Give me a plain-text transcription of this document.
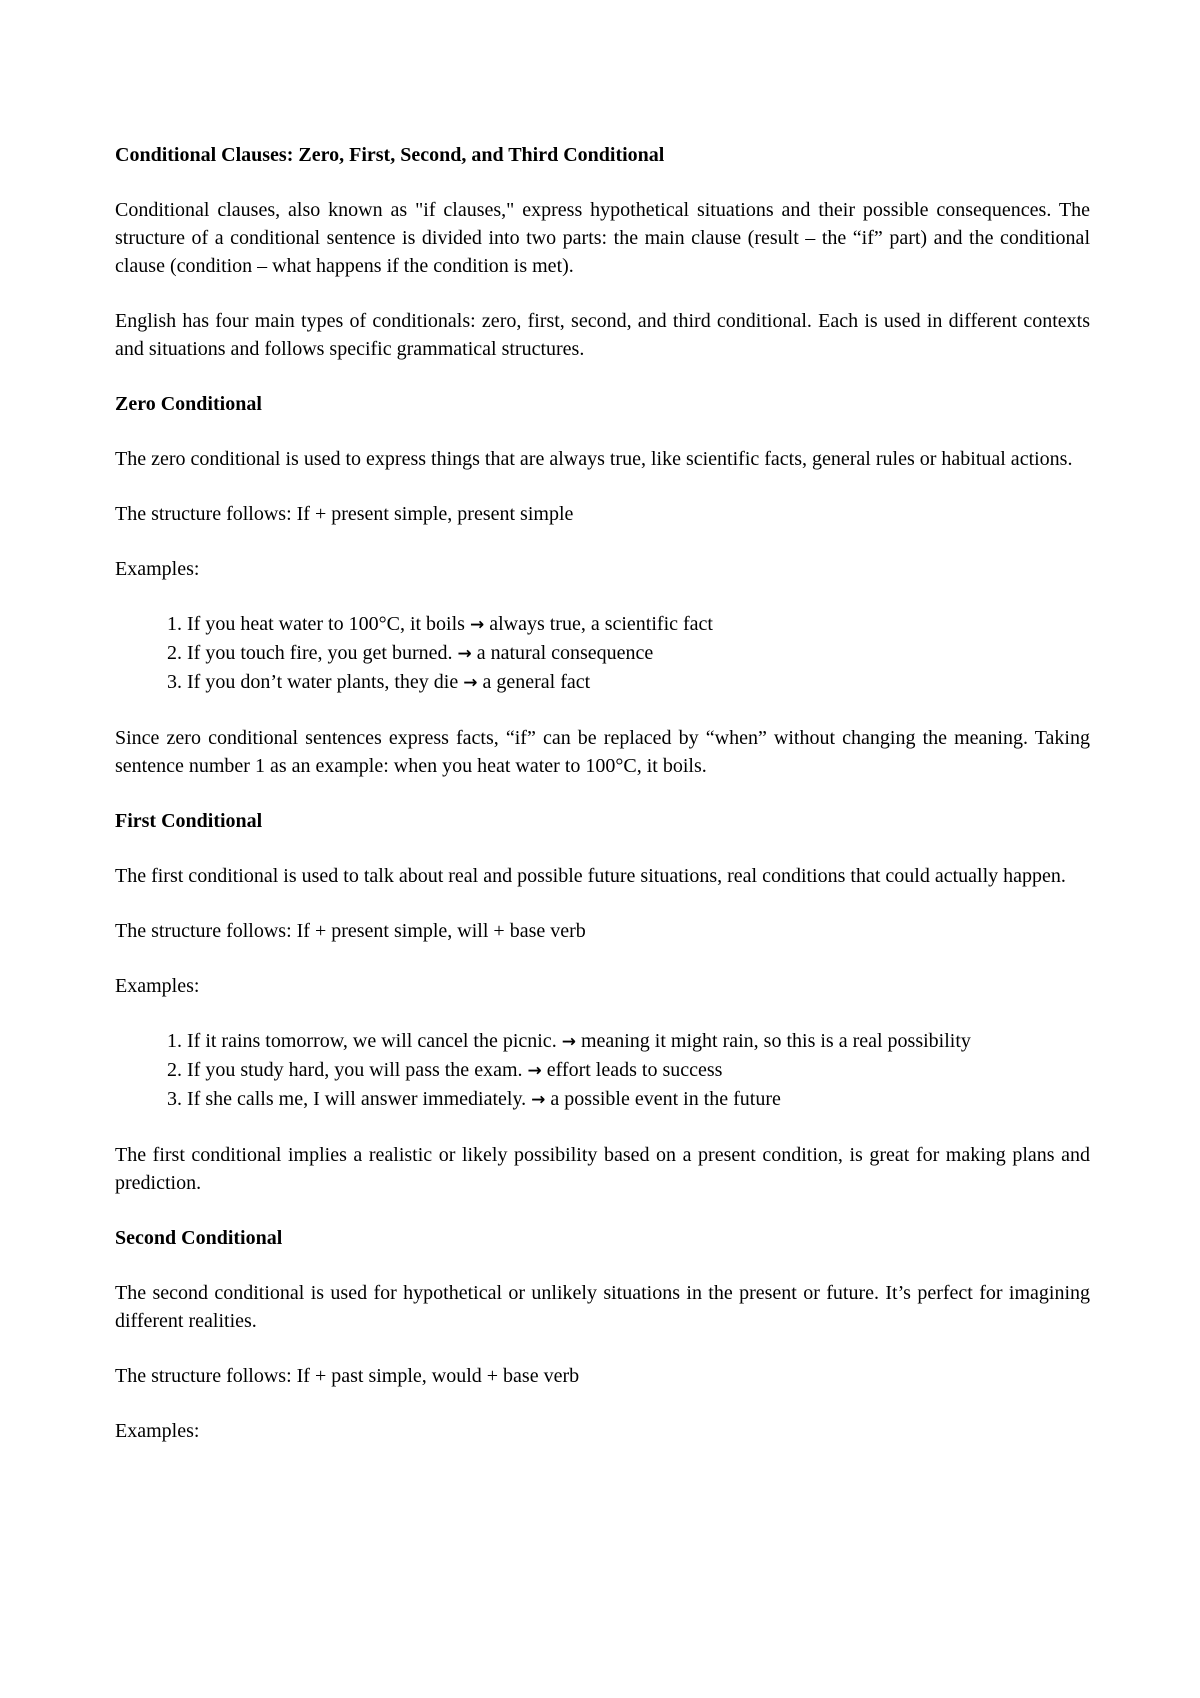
Conditional Clauses: Zero, First, Second, and Third Conditional

Conditional clauses, also known as "if clauses," express hypothetical situations and their possible consequences. The structure of a conditional sentence is divided into two parts: the main clause (result – the “if” part) and the conditional clause (condition – what happens if the condition is met).

English has four main types of conditionals: zero, first, second, and third conditional. Each is used in different contexts and situations and follows specific grammatical structures.

Zero Conditional

The zero conditional is used to express things that are always true, like scientific facts, general rules or habitual actions.

The structure follows: If + present simple, present simple

Examples:

1. If you heat water to 100°C, it boils → always true, a scientific fact
2. If you touch fire, you get burned. → a natural consequence
3. If you don’t water plants, they die → a general fact

Since zero conditional sentences express facts, “if” can be replaced by “when” without changing the meaning. Taking sentence number 1 as an example: when you heat water to 100°C, it boils.

First Conditional

The first conditional is used to talk about real and possible future situations, real conditions that could actually happen.

The structure follows: If + present simple, will + base verb

Examples:

1. If it rains tomorrow, we will cancel the picnic. → meaning it might rain, so this is a real possibility
2. If you study hard, you will pass the exam. → effort leads to success
3. If she calls me, I will answer immediately. → a possible event in the future

The first conditional implies a realistic or likely possibility based on a present condition, is great for making plans and prediction.

Second Conditional

The second conditional is used for hypothetical or unlikely situations in the present or future. It’s perfect for imagining different realities.

The structure follows: If + past simple, would + base verb

Examples:
